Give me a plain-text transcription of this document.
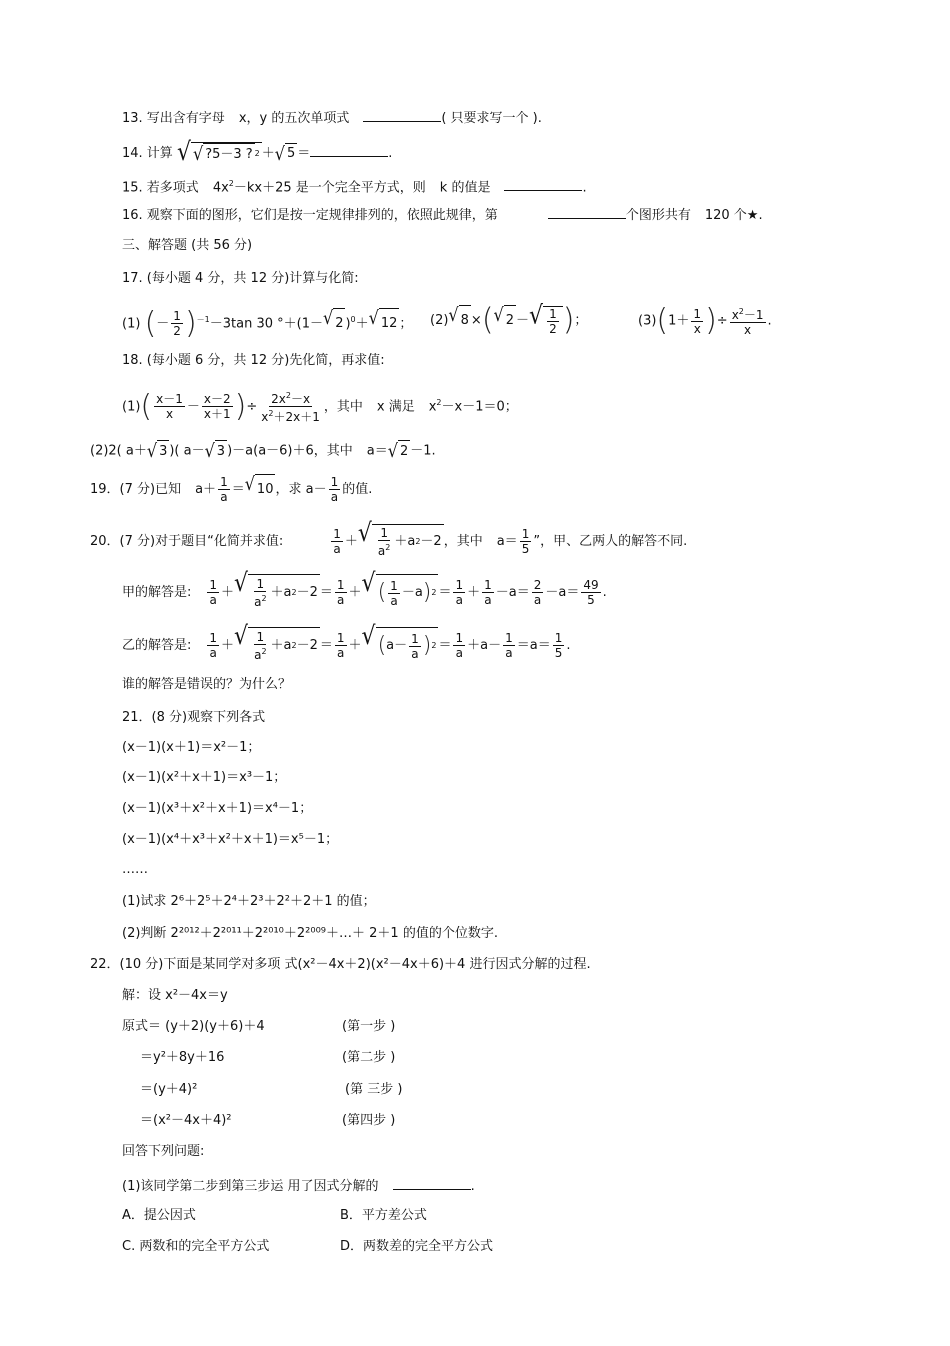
13. 写出含有字母 x，y 的五次单项式	( 只要求写一个 ).
14. 计算 √ √ ?5－3 ? 2 ＋ √ 5 ＝	.
15. 若多项式 $4x^2-kx+25$ 是一个完全平方式，则 k 的值是	.
16. 观察下面的图形，它们是按一定规律排列的，依照此规律，第	个图形共有 120 个★.
三、解答题 (共 56 分)
17. (每小题 4 分，共 12 分)计算与化简:
(1) (－ $\frac{1}{2} )^{-1}-3\tan$ 30 °＋(1－ √ 2 )$^0$＋ √ 12 ； (2) √ 8 ×( √ 2 － √ $\frac{1}{2}$ )；	$(3)(1+ \frac{1}{x}$ )÷ $\frac{x^2-1}{x}$ .
18. (每小题 6 分，共 12 分)先化简，再求值:
$(1)( \frac{x-1}{x} - \frac{x-2}{x+1}$ )÷ $\frac{2x^2-x}{x^2+2x+1}$ ，其中 x 满足 $x^2-x-1=0$；
(2)2( a＋ √ 3 )( a－ √ 3 )－a(a－6)＋6，其中 a＝ √ 2 －1.
19．(7 分)已知 $a+ \frac{1}{a}$ ＝ √ 10 ，求 $a- \frac{1}{a}$ 的值.
20．(7 分)对于题目“化简并求值:	$\frac{1}{a}$ ＋ √ $\frac{1}{a^2} +a$ 2 －2 ，其中 $a= \frac{1}{5}$ ”，甲、乙两人的解答不同.
甲的解答是: $\frac{1}{a}$ ＋ √ $\frac{1}{a^2} +a$ $2 -2 = \frac{1}{a}$ ＋ √ ( $\frac{1}{a} -a$ ) $2 = \frac{1}{a} + \frac{1}{a} -a= \frac{2}{a} -a= \frac{49}{5}$ .
乙的解答是: $\frac{1}{a}$ ＋ √ $\frac{1}{a^2} +a$ $2 -2 = \frac{1}{a}$ ＋ √ ( $a- \frac{1}{a}$ ) $2 = \frac{1}{a} +a- \frac{1}{a} =a= \frac{1}{5}$ .
谁的解答是错误的？为什么？
21．(8 分)观察下列各式
(x－1)(x＋1)＝x²－1；
(x－1)(x²＋x＋1)＝x³－1；
(x－1)(x³＋x²＋x＋1)＝x⁴－1；
(x－1)(x⁴＋x³＋x²＋x＋1)＝x⁵－1；
……
(1)试求 2⁶＋2⁵＋2⁴＋2³＋2²＋2＋1 的值；
(2)判断 2²⁰¹²＋2²⁰¹¹＋2²⁰¹⁰＋2²⁰⁰⁹＋…＋ 2＋1 的值的个位数字.
22．(10 分)下面是某同学对多项 式(x²－4x＋2)(x²－4x＋6)＋4 进行因式分解的过程.
解：设 x²－4x＝y
原式＝ (y＋2)(y＋6)＋4	(第一步 )
＝y²＋8y＋16	(第二步 )
＝(y＋4)²	(第 三步 )
＝(x²－4x＋4)²	(第四步 )
回答下列问题:
(1)该同学第二步到第三步运 用了因式分解的	.
A．提公因式	B．平方差公式
C. 两数和的完全平方公式	D．两数差的完全平方公式
